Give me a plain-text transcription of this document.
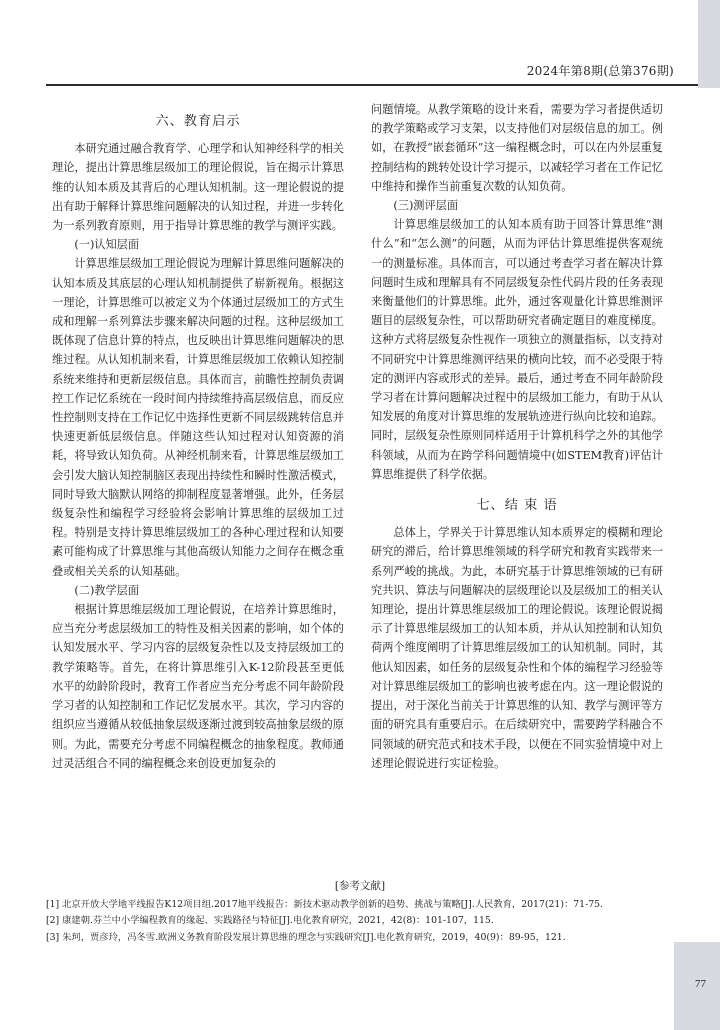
2024年第8期(总第376期)
六、教育启示

本研究通过融合教育学、心理学和认知神经科学的相关理论，提出计算思维层级加工的理论假说，旨在揭示计算思维的认知本质及其背后的心理认知机制。这一理论假说的提出有助于解释计算思维问题解决的认知过程，并进一步转化为一系列教育原则，用于指导计算思维的教学与测评实践。

(一)认知层面

计算思维层级加工理论假说为理解计算思维问题解决的认知本质及其底层的心理认知机制提供了崭新视角。根据这一理论，计算思维可以被定义为个体通过层级加工的方式生成和理解一系列算法步骤来解决问题的过程。这种层级加工既体现了信息计算的特点，也反映出计算思维问题解决的思维过程。从认知机制来看，计算思维层级加工依赖认知控制系统来维持和更新层级信息。具体而言，前瞻性控制负责调控工作记忆系统在一段时间内持续维持高层级信息，而反应性控制则支持在工作记忆中选择性更新不同层级跳转信息并快速更新低层级信息。伴随这些认知过程对认知资源的消耗，将导致认知负荷。从神经机制来看，计算思维层级加工会引发大脑认知控制脑区表现出持续性和瞬时性激活模式，同时导致大脑默认网络的抑制程度显著增强。此外，任务层级复杂性和编程学习经验将会影响计算思维的层级加工过程。特别是支持计算思维层级加工的各种心理过程和认知要素可能构成了计算思维与其他高级认知能力之间存在概念重叠或相关关系的认知基础。

(二)教学层面

根据计算思维层级加工理论假说，在培养计算思维时，应当充分考虑层级加工的特性及相关因素的影响，如个体的认知发展水平、学习内容的层级复杂性以及支持层级加工的教学策略等。首先，在将计算思维引入K-12阶段甚至更低水平的幼龄阶段时，教育工作者应当充分考虑不同年龄阶段学习者的认知控制和工作记忆发展水平。其次，学习内容的组织应当遵循从较低抽象层级逐渐过渡到较高抽象层级的原则。为此，需要充分考虑不同编程概念的抽象程度。教师通过灵活组合不同的编程概念来创设更加复杂的

问题情境。从教学策略的设计来看，需要为学习者提供适切的教学策略或学习支架，以支持他们对层级信息的加工。例如，在教授“嵌套循环”这一编程概念时，可以在内外层重复控制结构的跳转处设计学习提示，以减轻学习者在工作记忆中维持和操作当前重复次数的认知负荷。

(三)测评层面

计算思维层级加工的认知本质有助于回答计算思维“测什么”和“怎么测”的问题，从而为评估计算思维提供客观统一的测量标准。具体而言，可以通过考查学习者在解决计算问题时生成和理解具有不同层级复杂性代码片段的任务表现来衡量他们的计算思维。此外，通过客观量化计算思维测评题目的层级复杂性，可以帮助研究者确定题目的难度梯度。这种方式将层级复杂性视作一项独立的测量指标，以支持对不同研究中计算思维测评结果的横向比较，而不必受限于特定的测评内容或形式的差异。最后，通过考查不同年龄阶段学习者在计算问题解决过程中的层级加工能力，有助于从认知发展的角度对计算思维的发展轨迹进行纵向比较和追踪。同时，层级复杂性原则同样适用于计算机科学之外的其他学科领域，从而为在跨学科问题情境中(如STEM教育)评估计算思维提供了科学依据。

七、结 束 语

总体上，学界关于计算思维认知本质界定的模糊和理论研究的滞后，给计算思维领域的科学研究和教育实践带来一系列严峻的挑战。为此，本研究基于计算思维领域的已有研究共识、算法与问题解决的层级理论以及层级加工的相关认知理论，提出计算思维层级加工的理论假说。该理论假说揭示了计算思维层级加工的认知本质，并从认知控制和认知负荷两个维度阐明了计算思维层级加工的认知机制。同时，其他认知因素，如任务的层级复杂性和个体的编程学习经验等对计算思维层级加工的影响也被考虑在内。这一理论假说的提出，对于深化当前关于计算思维的认知、教学与测评等方面的研究具有重要启示。在后续研究中，需要跨学科融合不同领域的研究范式和技术手段，以便在不同实验情境中对上述理论假说进行实证检验。

[参考文献]
[1] 北京开放大学地平线报告K12项目组.2017地平线报告：新技术驱动教学创新的趋势、挑战与策略[J].人民教育，2017(21)：71-75.
[2] 康建朝.芬兰中小学编程教育的缘起、实践路径与特征[J].电化教育研究，2021，42(8)：101-107，115.
[3] 朱珂，贾彦玲，冯冬雪.欧洲义务教育阶段发展计算思维的理念与实践研究[J].电化教育研究，2019，40(9)：89-95，121.
77
